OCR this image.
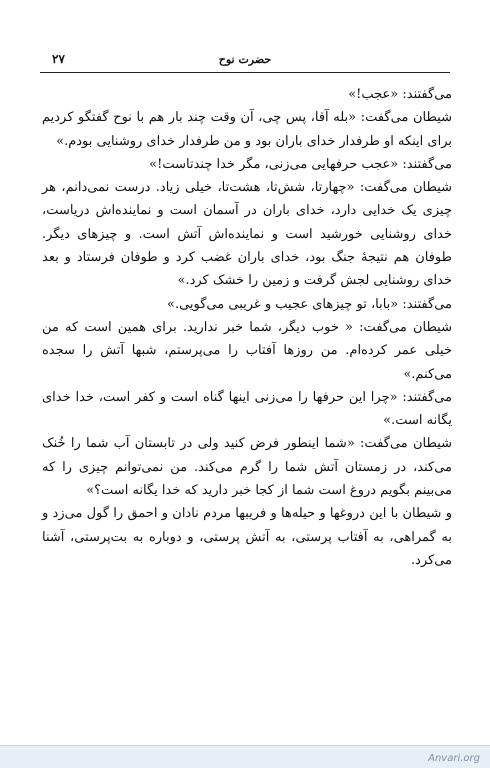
۲۷	حضرت نوح

می‌گفتند: «عجب!»

شیطان می‌گفت: «بله آقا، پس چی، آن وقت چند بار هم با نوح گفتگو کردیم برای اینکه او طرفدار خدای باران بود و من طرفدار خدای روشنایی بودم.»

می‌گفتند: «عجب حرفهایی می‌زنی، مگر خدا چندتاست!»

شیطان می‌گفت: «چهارتا، شش‌تا، هشت‌تا، خیلی زیاد. درست نمی‌دانم، هر چیزی یک خدایی دارد، خدای باران در آسمان است و نماینده‌اش دریاست، خدای روشنایی خورشید است و نماینده‌اش آتش است. و چیزهای دیگر. طوفان هم نتیجهٔ جنگ بود، خدای باران غضب کرد و طوفان فرستاد و بعد خدای روشنایی لجش گرفت و زمین را خشک کرد.»

می‌گفتند: «بابا، تو چیزهای عجیب و غریبی می‌گویی.»

شیطان می‌گفت: « خوب دیگر، شما خبر ندارید. برای همین است که من خیلی عمر کرده‌ام. من روزها آفتاب را می‌پرستم، شبها آتش را سجده می‌کنم.»

می‌گفتند: «چرا این حرفها را می‌زنی اینها گناه است و کفر است، خدا خدای یگانه است.»

شیطان می‌گفت: «شما اینطور فرض کنید ولی در تابستان آب شما را خُنک می‌کند، در زمستان آتش شما را گرم می‌کند. من نمی‌توانم چیزی را که می‌بینم بگویم دروغ است شما از کجا خبر دارید که خدا یگانه است؟»

و شیطان با این دروغها و حیله‌ها و فریبها مردم نادان و احمق را گول می‌زد و به گمراهی، به آفتاب پرستی، به آتش پرستی، و دوباره به بت‌پرستی، آشنا می‌کرد.

Anvari.org
